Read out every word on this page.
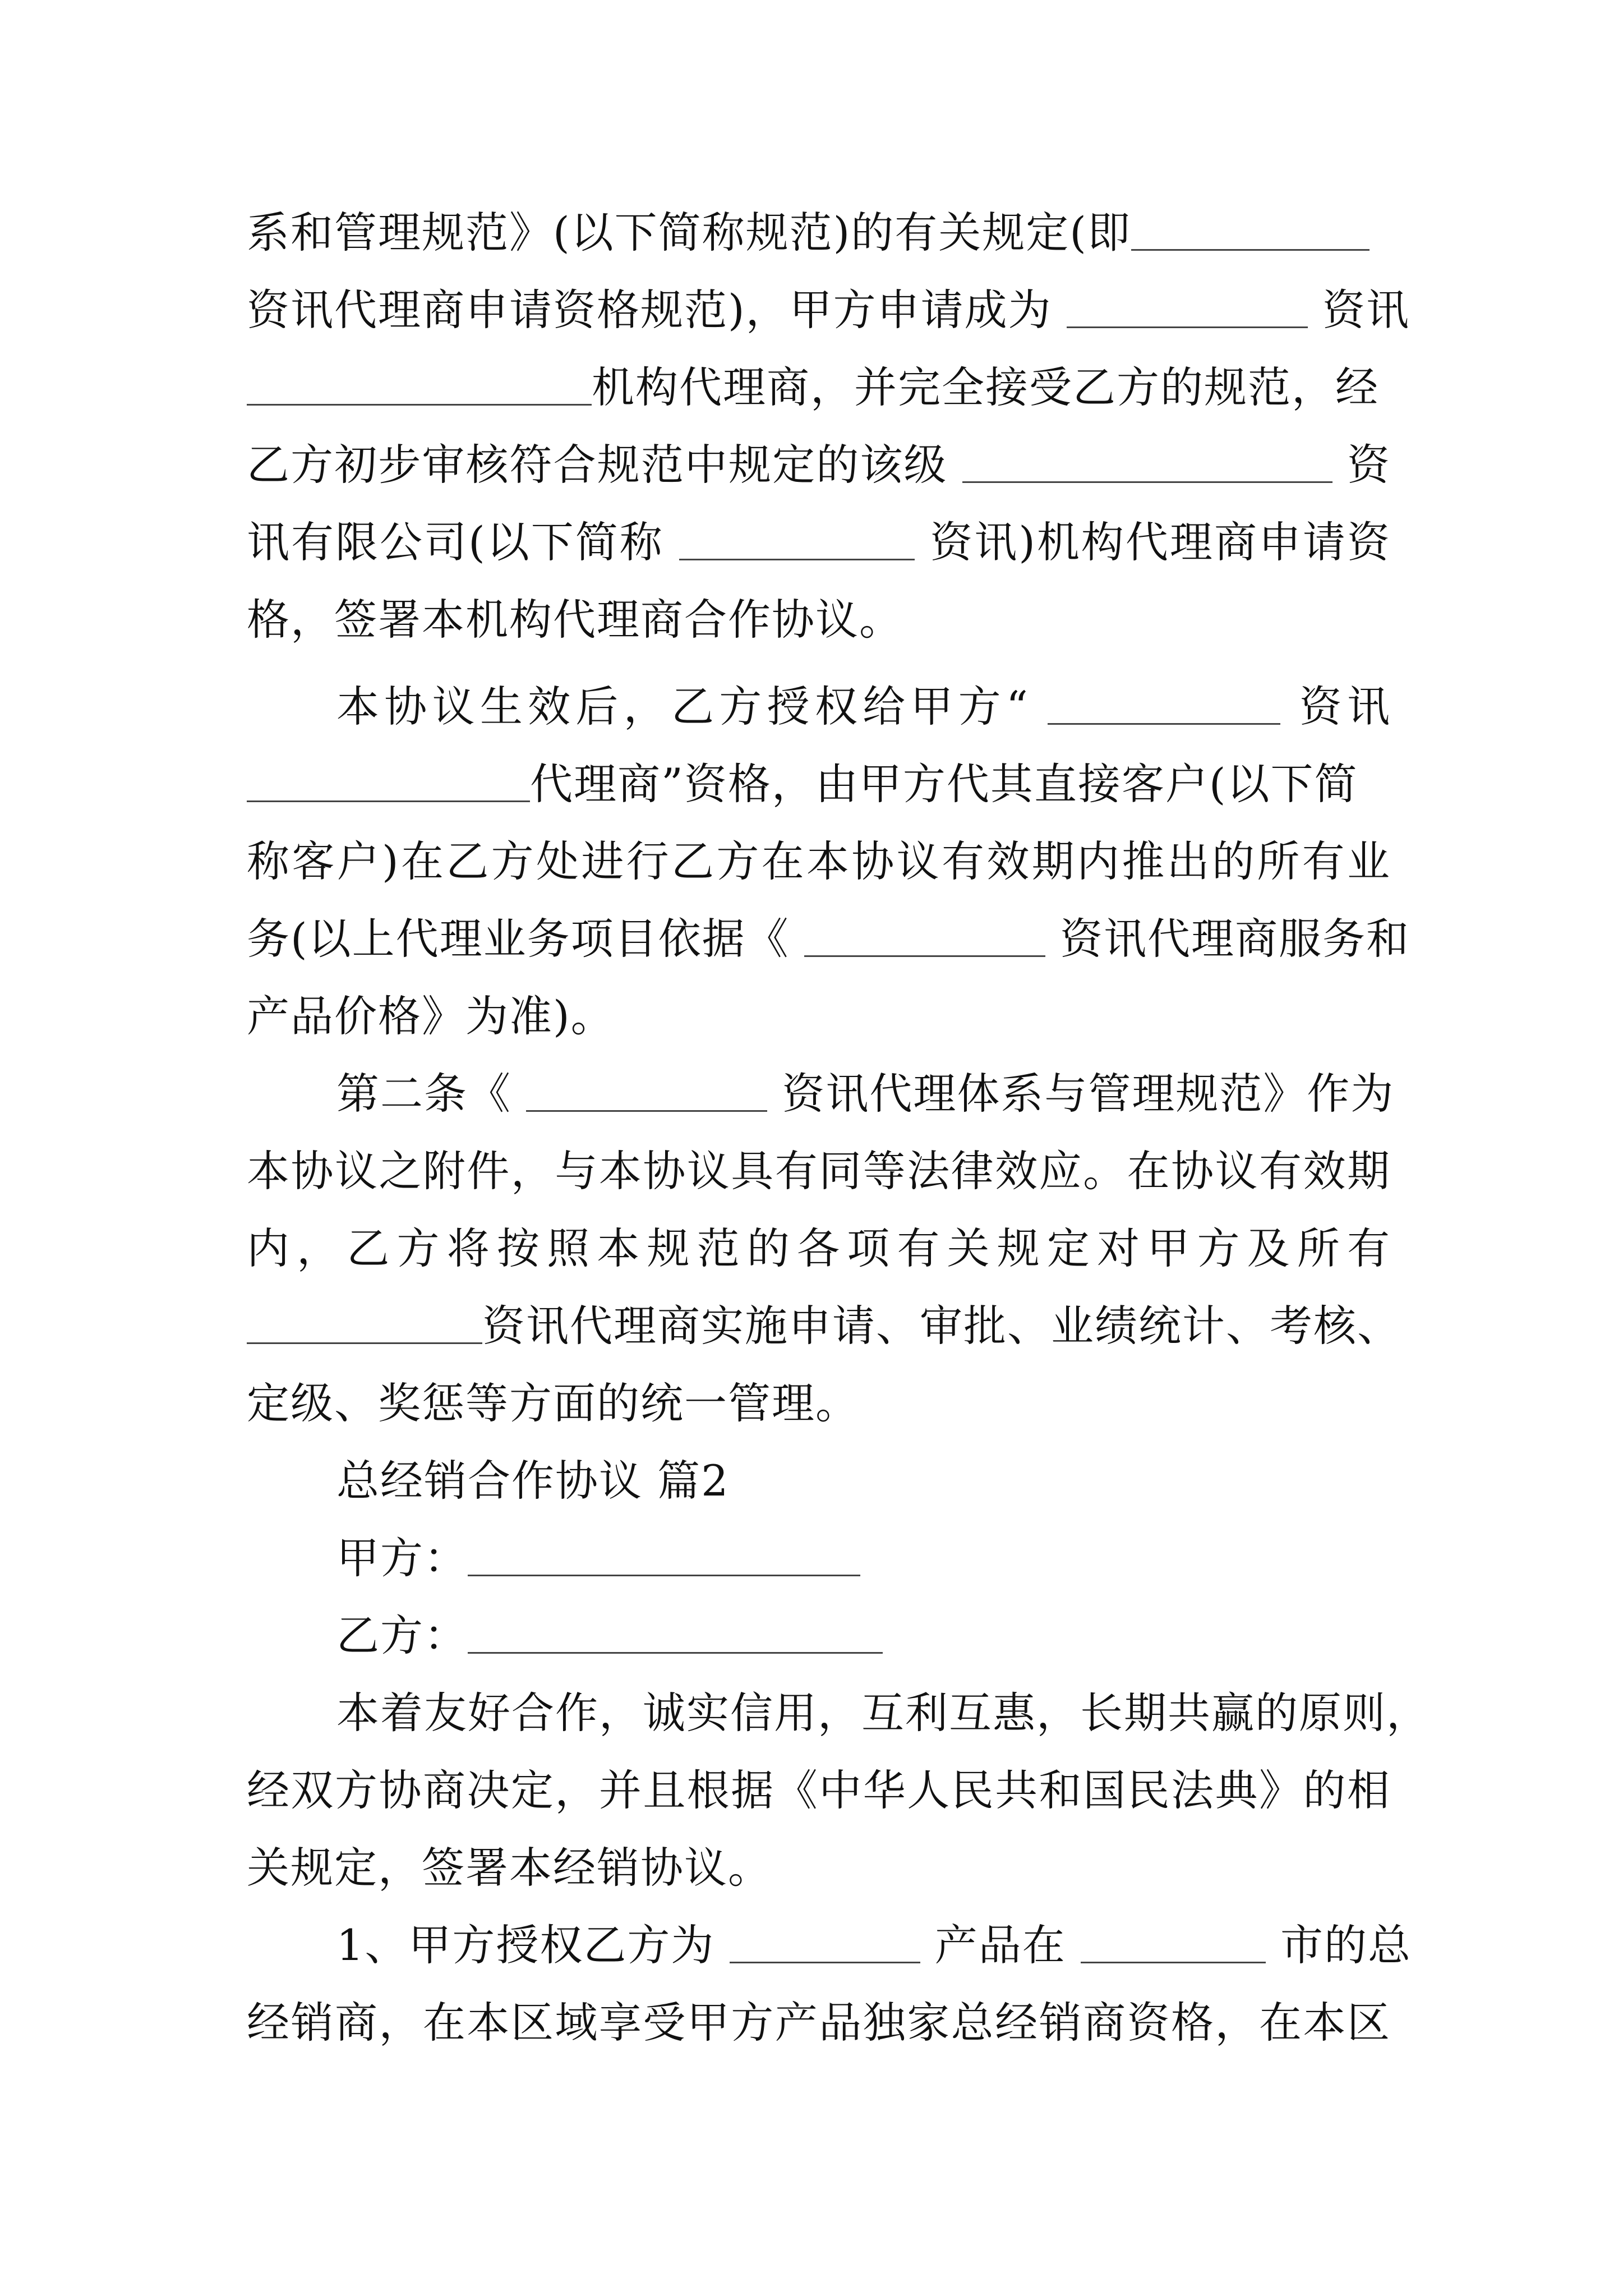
系和管理规范》(以下简称规范)的有关规定(即
资讯代理商申请资格规范)，甲方申请成为	资讯
机构代理商，并完全接受乙方的规范，经
乙方初步审核符合规范中规定的该级	资
讯有限公司(以下简称	资讯)机构代理商申请资
格，签署本机构代理商合作协议。
本协议生效后，乙方授权给甲方“	资讯
代理商”资格，由甲方代其直接客户(以下简
称客户)在乙方处进行乙方在本协议有效期内推出的所有业
务(以上代理业务项目依据《	资讯代理商服务和
产品价格》为准)。
第二条《	资讯代理体系与管理规范》作为
本协议之附件，与本协议具有同等法律效应。在协议有效期
内，乙方将按照本规范的各项有关规定对甲方及所有
资讯代理商实施申请、审批、业绩统计、考核、
定级、奖惩等方面的统一管理。
总经销合作协议 篇2
甲方：
乙方：
本着友好合作，诚实信用，互利互惠，长期共赢的原则，
经双方协商决定，并且根据《中华人民共和国民法典》的相
关规定，签署本经销协议。
1、甲方授权乙方为	产品在	市的总
经销商，在本区域享受甲方产品独家总经销商资格，在本区
